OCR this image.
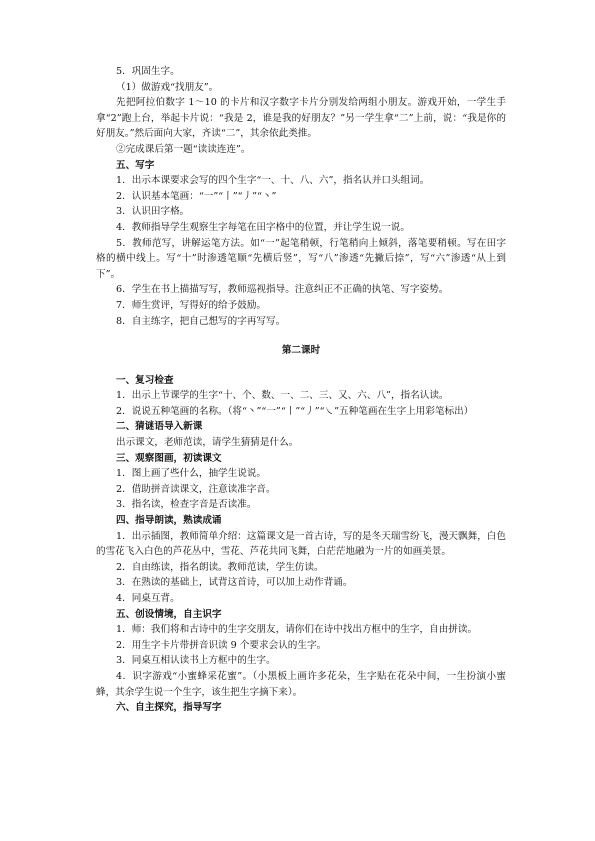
5．巩固生字。
（1）做游戏“找朋友”。
先把阿拉伯数字 1～10 的卡片和汉字数字卡片分别发给两组小朋友。游戏开始，一学生手拿“2”跑上台，举起卡片说：“我是 2，谁是我的好朋友？”另一学生拿“二”上前，说：“我是你的好朋友。”然后面向大家，齐读“二”，其余依此类推。
②完成课后第一题“读读连连”。
五、写字
1．出示本课要求会写的四个生字“一、十、八、六”，指名认并口头组词。
2．认识基本笔画：“一”“丨”“丿”“丶”
3．认识田字格。
4．教师指导学生观察生字每笔在田字格中的位置，并让学生说一说。
5．教师范写，讲解运笔方法。如“一”起笔稍顿，行笔稍向上倾斜，落笔要稍顿。写在田字格的横中线上。写“十”时渗透笔顺“先横后竖”，写“八”渗透“先撇后捺”，写“六”渗透“从上到下”。
6．学生在书上描描写写，教师巡视指导。注意纠正不正确的执笔、写字姿势。
7．师生赏评，写得好的给予鼓励。
8．自主练字，把自己想写的字再写写。
第二课时
一、复习检查
1．出示上节课学的生字“十、个、数、一、二、三、又、六、八”，指名认读。
2．说说五种笔画的名称。（将“丶”“一”“丨”“丿”“㇏”五种笔画在生字上用彩笔标出）
二、猜谜语导入新课
出示课文，老师范读，请学生猜猜是什么。
三、观察图画，初读课文
1．图上画了些什么，抽学生说说。
2．借助拼音读课文，注意读准字音。
3．指名读，检查字音是否读准。
四、指导朗读，熟读成诵
1．出示插图，教师简单介绍：这篇课文是一首古诗，写的是冬天瑞雪纷飞，漫天飘舞，白色的雪花飞入白色的芦花丛中，雪花、芦花共同飞舞，白茫茫地融为一片的如画美景。
2．自由练读，指名朗读。教师范读，学生仿读。
3．在熟读的基础上，试背这首诗，可以加上动作背诵。
4．同桌互背。
五、创设情境，自主识字
1．师：我们将和古诗中的生字交朋友，请你们在诗中找出方框中的生字，自由拼读。
2．用生字卡片带拼音识读 9 个要求会认的生字。
3．同桌互相认读书上方框中的生字。
4．识字游戏“小蜜蜂采花蜜”。（小黑板上画许多花朵，生字贴在花朵中间，一生扮演小蜜蜂，其余学生说一个生字，该生把生字摘下来）。
六、自主探究，指导写字
